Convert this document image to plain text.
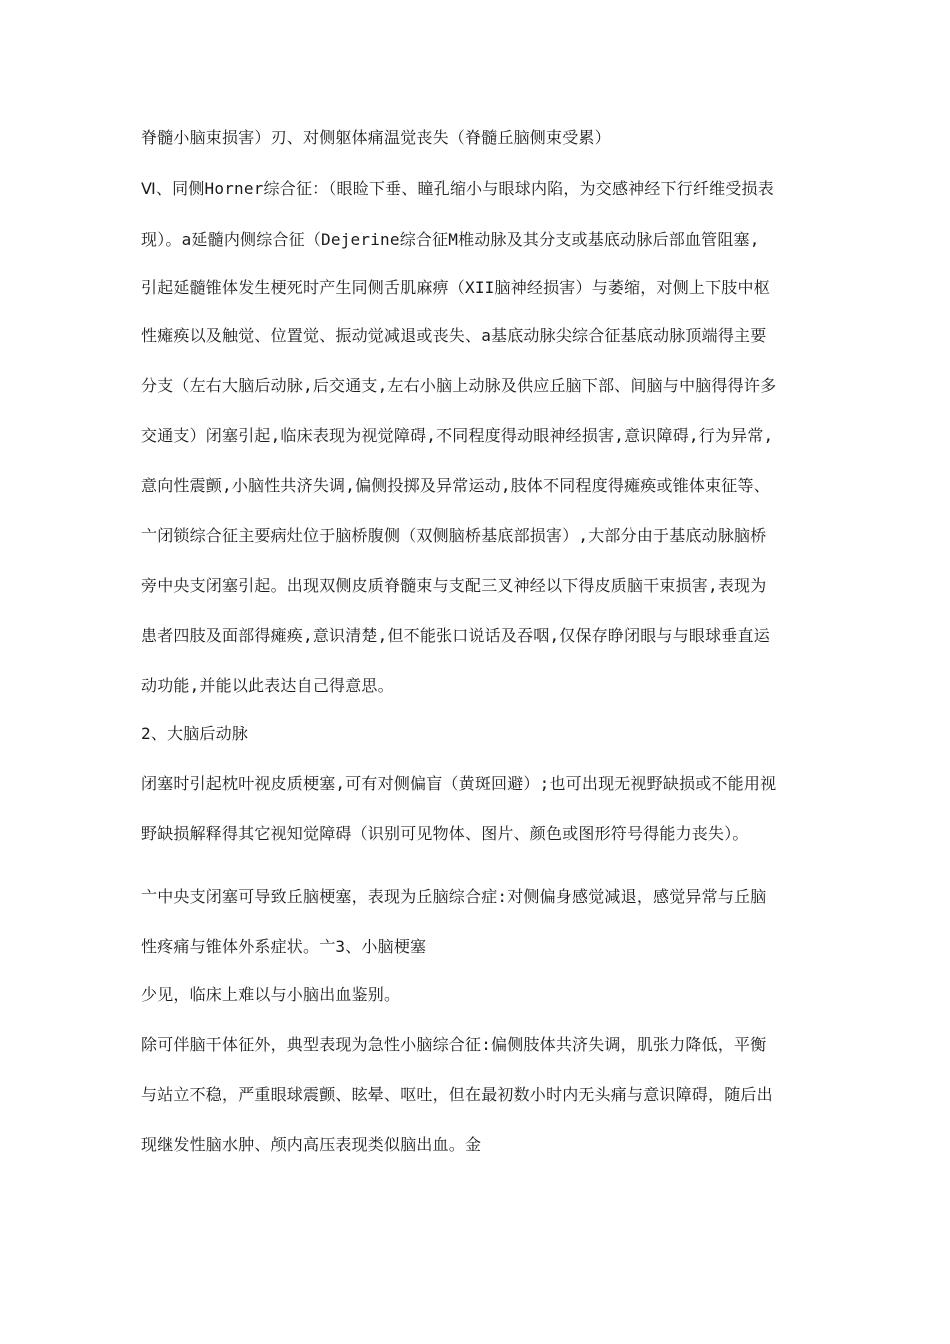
脊髓小脑束损害）刃、对侧躯体痛温觉丧失（脊髓丘脑侧束受累）
Ⅵ、同侧Horner综合征：（眼睑下垂、瞳孔缩小与眼球内陷，为交感神经下行纤维受损表
现）。a延髓内侧综合征（Dejerine综合征M椎动脉及其分支或基底动脉后部血管阻塞,
引起延髓锥体发生梗死时产生同侧舌肌麻痹（XII脑神经损害）与萎缩，对侧上下肢中枢
性瘫痪以及触觉、位置觉、振动觉减退或丧失、a基底动脉尖综合征基底动脉顶端得主要
分支（左右大脑后动脉,后交通支,左右小脑上动脉及供应丘脑下部、间脑与中脑得得许多
交通支）闭塞引起,临床表现为视觉障碍,不同程度得动眼神经损害,意识障碍,行为异常,
意向性震颤,小脑性共济失调,偏侧投掷及异常运动,肢体不同程度得瘫痪或锥体束征等、
亠闭锁综合征主要病灶位于脑桥腹侧（双侧脑桥基底部损害）,大部分由于基底动脉脑桥
旁中央支闭塞引起。出现双侧皮质脊髓束与支配三叉神经以下得皮质脑干束损害,表现为
患者四肢及面部得瘫痪,意识清楚,但不能张口说话及吞咽,仅保存睁闭眼与与眼球垂直运
动功能,并能以此表达自己得意思。
2、大脑后动脉
闭塞时引起枕叶视皮质梗塞,可有对侧偏盲（黄斑回避）;也可出现无视野缺损或不能用视
野缺损解释得其它视知觉障碍（识别可见物体、图片、颜色或图形符号得能力丧失）。
亠中央支闭塞可导致丘脑梗塞，表现为丘脑综合症:对侧偏身感觉减退，感觉异常与丘脑
性疼痛与锥体外系症状。亠3、小脑梗塞
少见，临床上难以与小脑出血鉴别。
除可伴脑干体征外，典型表现为急性小脑综合征:偏侧肢体共济失调，肌张力降低，平衡
与站立不稳，严重眼球震颤、眩晕、呕吐，但在最初数小时内无头痛与意识障碍，随后出
现继发性脑水肿、颅内高压表现类似脑出血。金
